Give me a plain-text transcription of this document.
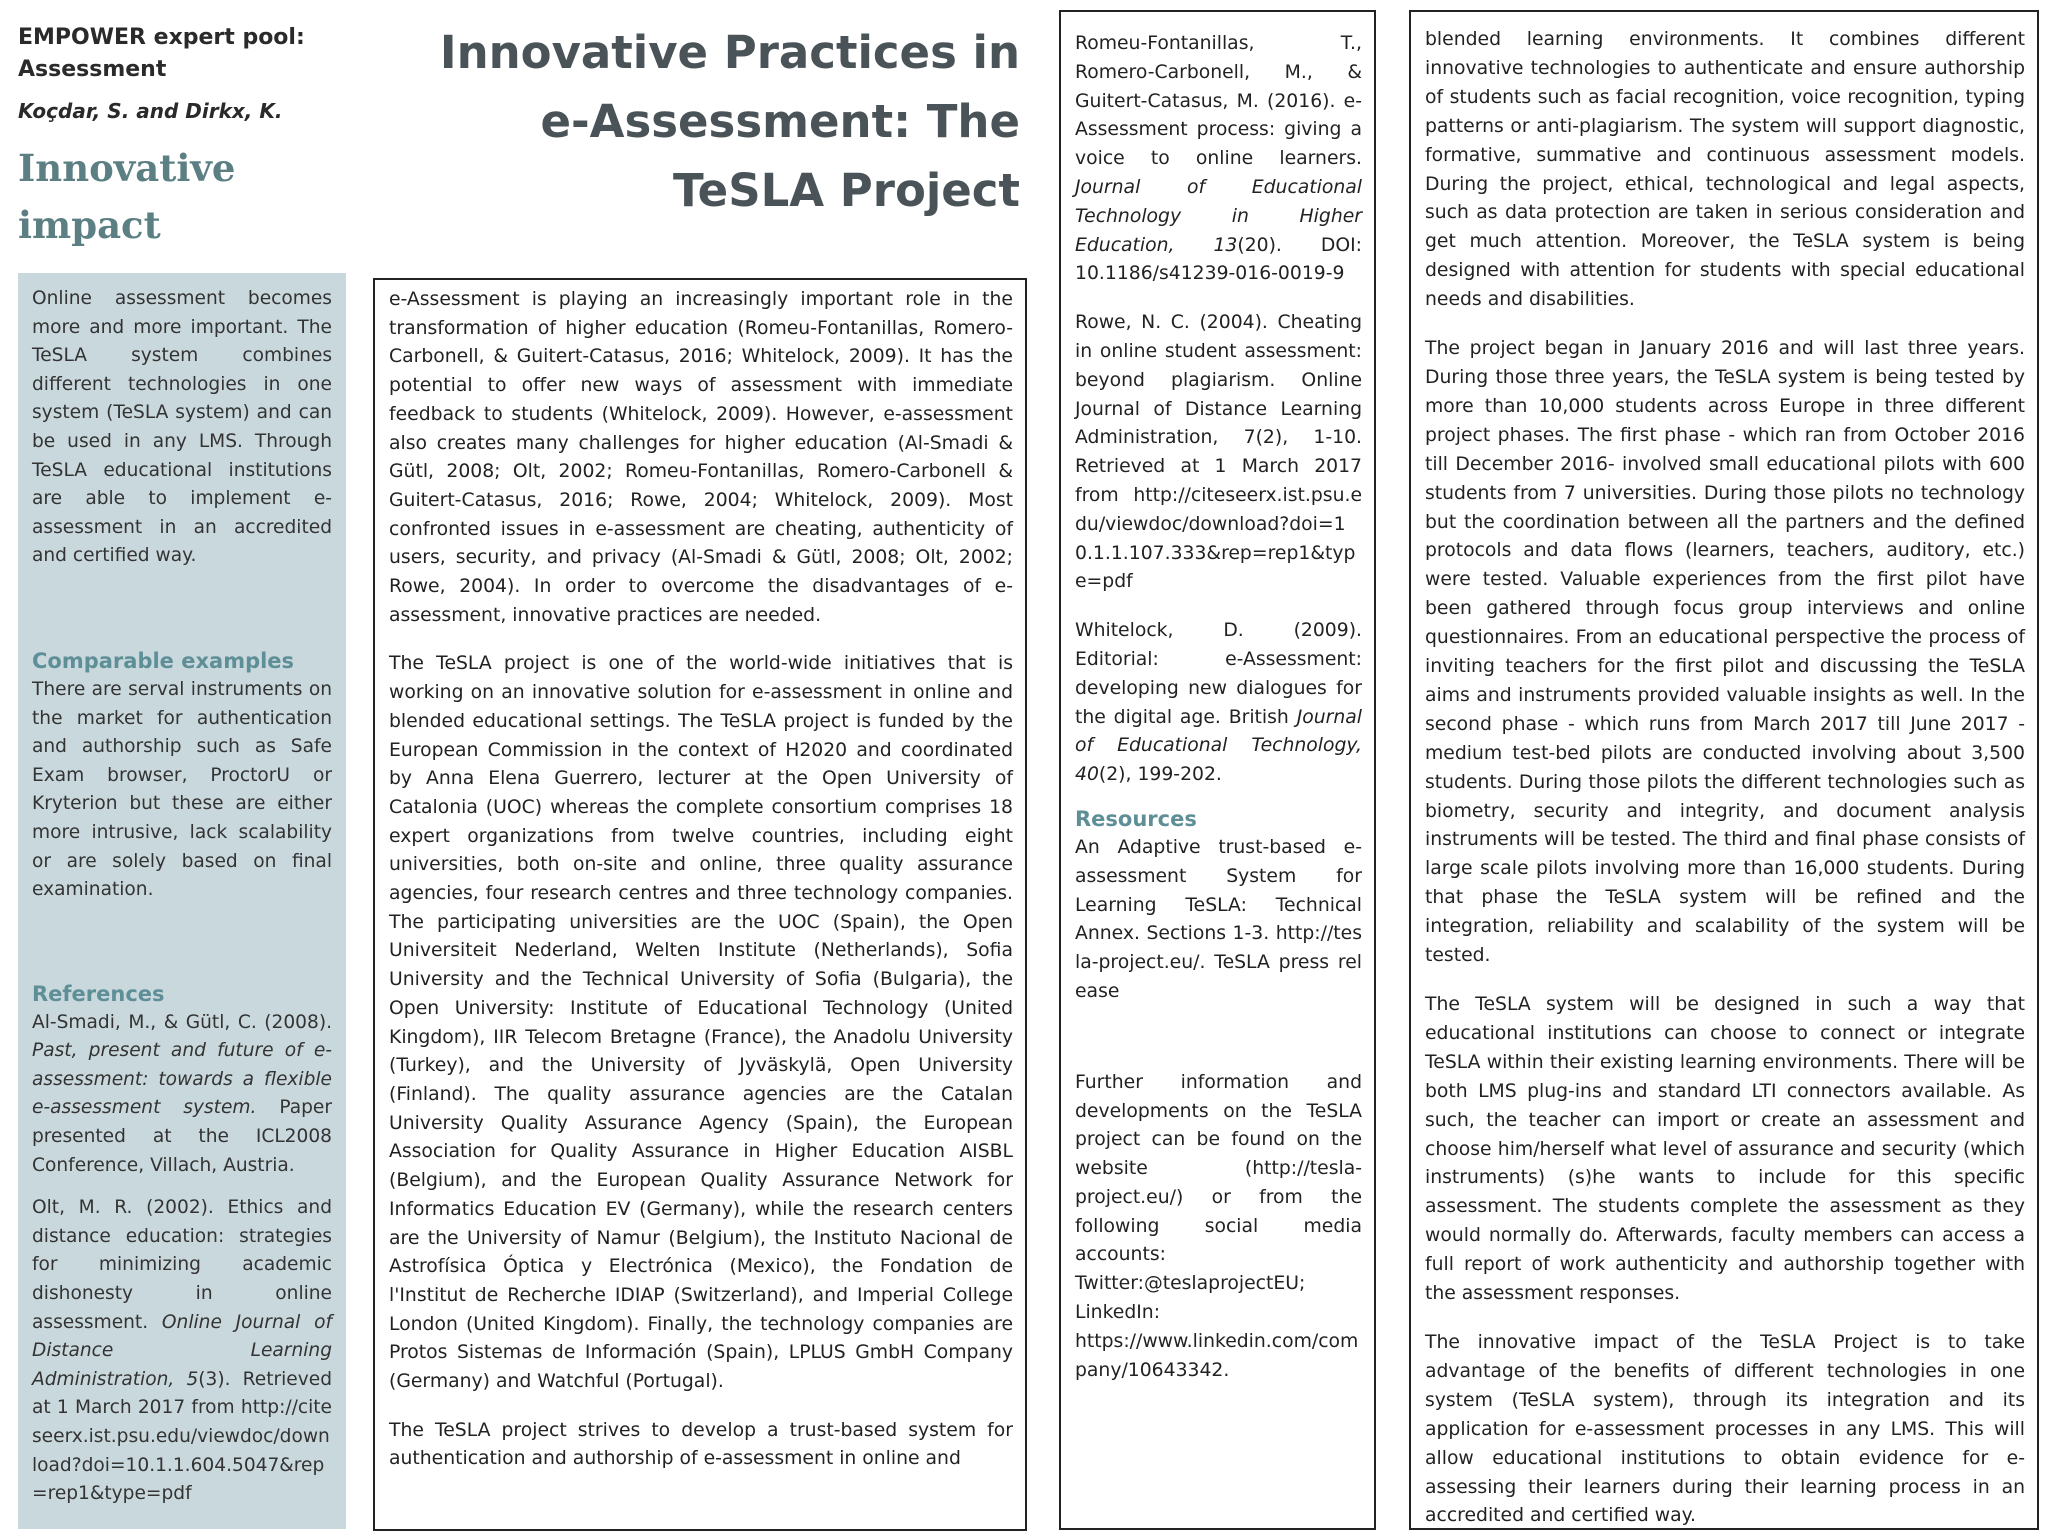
EMPOWER expert pool: Assessment
Koçdar, S. and Dirkx, K.
Innovative impact
Online assessment becomes more and more important. The TeSLA system combines different technologies in one system (TeSLA system) and can be used in any LMS. Through TeSLA educational institutions are able to implement e-assessment in an accredited and certified way.
Comparable examples
There are serval instruments on the market for authentication and authorship such as Safe Exam browser, ProctorU or Kryterion but these are either more intrusive, lack scalability or are solely based on final examination.
References
Al-Smadi, M., & Gütl, C. (2008). Past, present and future of e-assessment: towards a flexible e-assessment system. Paper presented at the ICL2008 Conference, Villach, Austria.
Olt, M. R. (2002). Ethics and distance education: strategies for minimizing academic dishonesty in online assessment. Online Journal of Distance Learning Administration, 5(3). Retrieved at 1 March 2017 from http://citeseerx.ist.psu.edu/viewdoc/download?doi=10.1.1.604.5047&rep=rep1&type=pdf
Innovative Practices in
e-Assessment: The
TeSLA Project
e-Assessment is playing an increasingly important role in the transformation of higher education (Romeu-Fontanillas, Romero-Carbonell, & Guitert-Catasus, 2016; Whitelock, 2009). It has the potential to offer new ways of assessment with immediate feedback to students (Whitelock, 2009). However, e-assessment also creates many challenges for higher education (Al-Smadi & Gütl, 2008; Olt, 2002; Romeu-Fontanillas, Romero-Carbonell & Guitert-Catasus, 2016; Rowe, 2004; Whitelock, 2009). Most confronted issues in e-assessment are cheating, authenticity of users, security, and privacy (Al-Smadi & Gütl, 2008; Olt, 2002; Rowe, 2004). In order to overcome the disadvantages of e-assessment, innovative practices are needed.
The TeSLA project is one of the world-wide initiatives that is working on an innovative solution for e-assessment in online and blended educational settings. The TeSLA project is funded by the European Commission in the context of H2020 and coordinated by Anna Elena Guerrero, lecturer at the Open University of Catalonia (UOC) whereas the complete consortium comprises 18 expert organizations from twelve countries, including eight universities, both on-site and online, three quality assurance agencies, four research centres and three technology companies. The participating universities are the UOC (Spain), the Open Universiteit Nederland, Welten Institute (Netherlands), Sofia University and the Technical University of Sofia (Bulgaria), the Open University: Institute of Educational Technology (United Kingdom), IIR Telecom Bretagne (France), the Anadolu University (Turkey), and the University of Jyväskylä, Open University (Finland). The quality assurance agencies are the Catalan University Quality Assurance Agency (Spain), the European Association for Quality Assurance in Higher Education AISBL (Belgium), and the European Quality Assurance Network for Informatics Education EV (Germany), while the research centers are the University of Namur (Belgium), the Instituto Nacional de Astrofísica Óptica y Electrónica (Mexico), the Fondation de l'Institut de Recherche IDIAP (Switzerland), and Imperial College London (United Kingdom). Finally, the technology companies are Protos Sistemas de Información (Spain), LPLUS GmbH Company (Germany) and Watchful (Portugal).
The TeSLA project strives to develop a trust-based system for authentication and authorship of e-assessment in online and
Romeu-Fontanillas, T., Romero-Carbonell, M., & Guitert-Catasus, M. (2016). e-Assessment process: giving a voice to online learners. Journal of Educational Technology in Higher Education, 13(20). DOI: 10.1186/s41239-016-0019-9
Rowe, N. C. (2004). Cheating in online student assessment: beyond plagiarism. Online Journal of Distance Learning Administration, 7(2), 1-10. Retrieved at 1 March 2017 from http://citeseerx.ist.psu.edu/viewdoc/download?doi=10.1.1.107.333&rep=rep1&type=pdf
Whitelock, D. (2009). Editorial: e-Assessment: developing new dialogues for the digital age. British Journal of Educational Technology, 40(2), 199-202.
Resources
An Adaptive trust-based e-assessment System for Learning TeSLA: Technical Annex. Sections 1-3. http://tesla-project.eu/. TeSLA press release
Further information and developments on the TeSLA project can be found on the website (http://tesla-project.eu/) or from the following social media accounts:
Twitter:@teslaprojectEU;
LinkedIn:
https://www.linkedin.com/company/10643342.
blended learning environments. It combines different innovative technologies to authenticate and ensure authorship of students such as facial recognition, voice recognition, typing patterns or anti-plagiarism. The system will support diagnostic, formative, summative and continuous assessment models. During the project, ethical, technological and legal aspects, such as data protection are taken in serious consideration and get much attention. Moreover, the TeSLA system is being designed with attention for students with special educational needs and disabilities.
The project began in January 2016 and will last three years. During those three years, the TeSLA system is being tested by more than 10,000 students across Europe in three different project phases. The first phase - which ran from October 2016 till December 2016- involved small educational pilots with 600 students from 7 universities. During those pilots no technology but the coordination between all the partners and the defined protocols and data flows (learners, teachers, auditory, etc.) were tested. Valuable experiences from the first pilot have been gathered through focus group interviews and online questionnaires. From an educational perspective the process of inviting teachers for the first pilot and discussing the TeSLA aims and instruments provided valuable insights as well. In the second phase - which runs from March 2017 till June 2017 - medium test-bed pilots are conducted involving about 3,500 students. During those pilots the different technologies such as biometry, security and integrity, and document analysis instruments will be tested. The third and final phase consists of large scale pilots involving more than 16,000 students. During that phase the TeSLA system will be refined and the integration, reliability and scalability of the system will be tested.
The TeSLA system will be designed in such a way that educational institutions can choose to connect or integrate TeSLA within their existing learning environments. There will be both LMS plug-ins and standard LTI connectors available. As such, the teacher can import or create an assessment and choose him/herself what level of assurance and security (which instruments) (s)he wants to include for this specific assessment. The students complete the assessment as they would normally do. Afterwards, faculty members can access a full report of work authenticity and authorship together with the assessment responses.
The innovative impact of the TeSLA Project is to take advantage of the benefits of different technologies in one system (TeSLA system), through its integration and its application for e-assessment processes in any LMS. This will allow educational institutions to obtain evidence for e-assessing their learners during their learning process in an accredited and certified way.
